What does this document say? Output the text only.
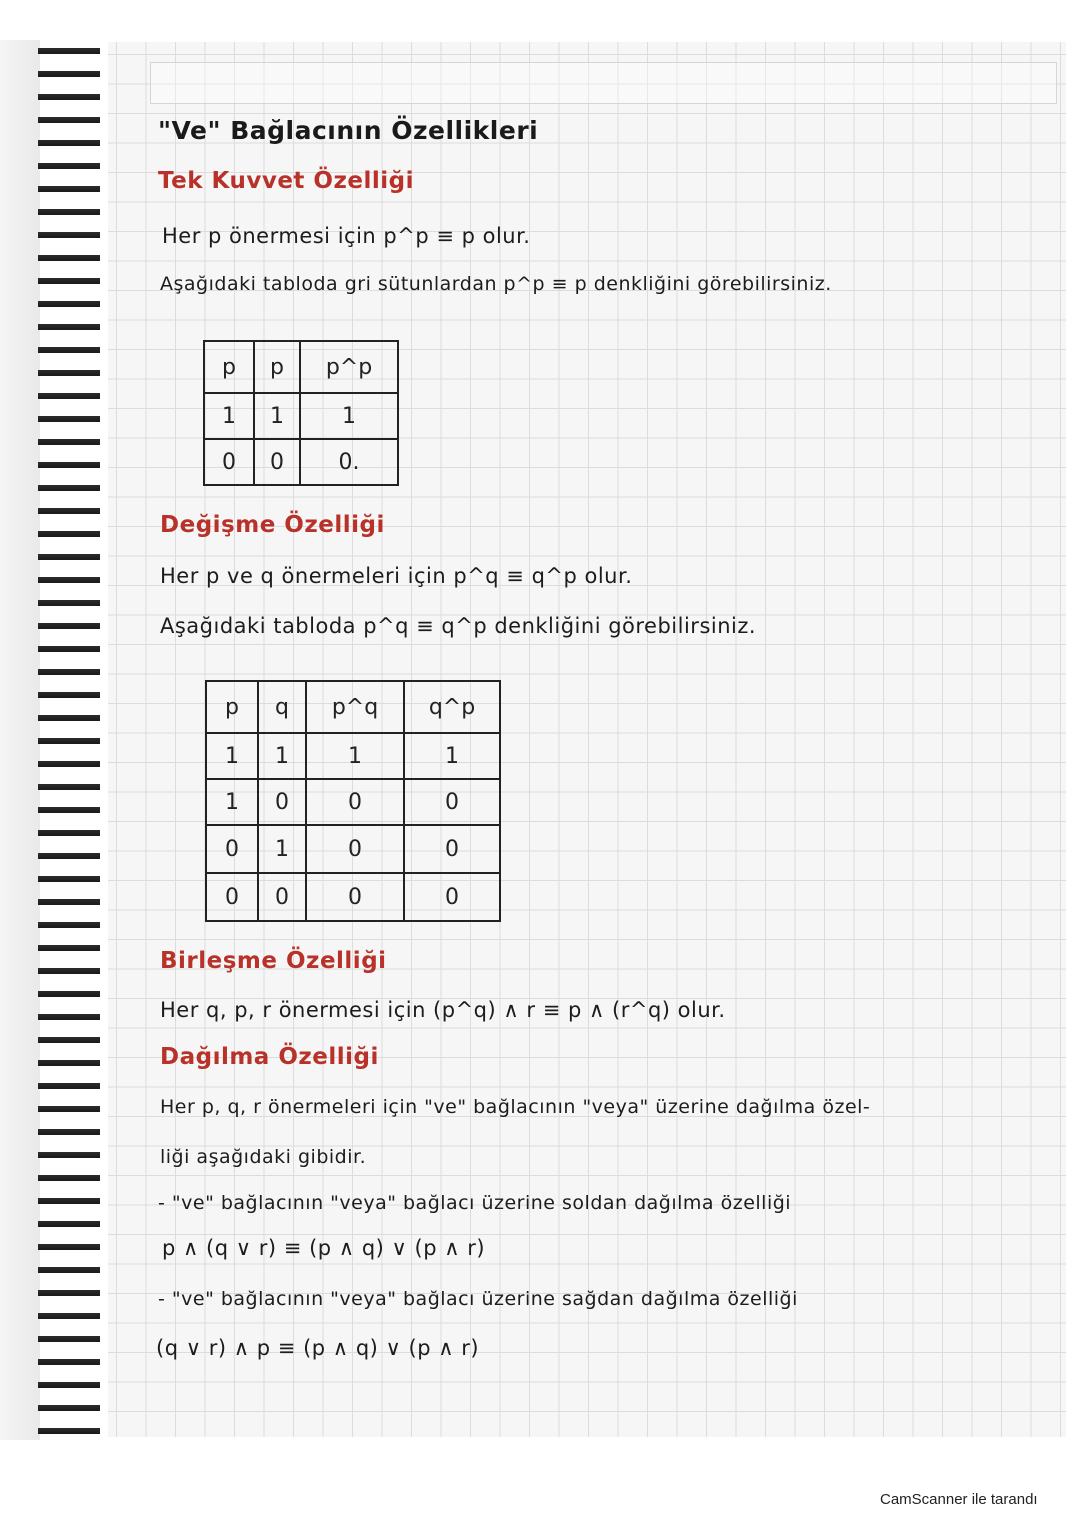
"Ve" Bağlacının Özellikleri
Tek Kuvvet Özelliği
Her p önermesi için p^p ≡ p olur.
Aşağıdaki tabloda gri sütunlardan p^p ≡ p denkliğini görebilirsiniz.
p	p	p^p
1	1	1
0	0	0.
Değişme Özelliği
Her p ve q önermeleri için p^q ≡ q^p olur.
Aşağıdaki tabloda p^q ≡ q^p denkliğini görebilirsiniz.
p	q	p^q	q^p
1	1	1	1
1	0	0	0
0	1	0	0
0	0	0	0
Birleşme Özelliği
Her q, p, r önermesi için (p^q) ∧ r ≡ p ∧ (r^q) olur.
Dağılma Özelliği
Her p, q, r önermeleri için "ve" bağlacının "veya" üzerine dağılma özel-
liği aşağıdaki gibidir.
- "ve" bağlacının "veya" bağlacı üzerine soldan dağılma özelliği
p ∧ (q ∨ r) ≡ (p ∧ q) ∨ (p ∧ r)
- "ve" bağlacının "veya" bağlacı üzerine sağdan dağılma özelliği
(q ∨ r) ∧ p ≡ (p ∧ q) ∨ (p ∧ r)
CamScanner ile tarandı
